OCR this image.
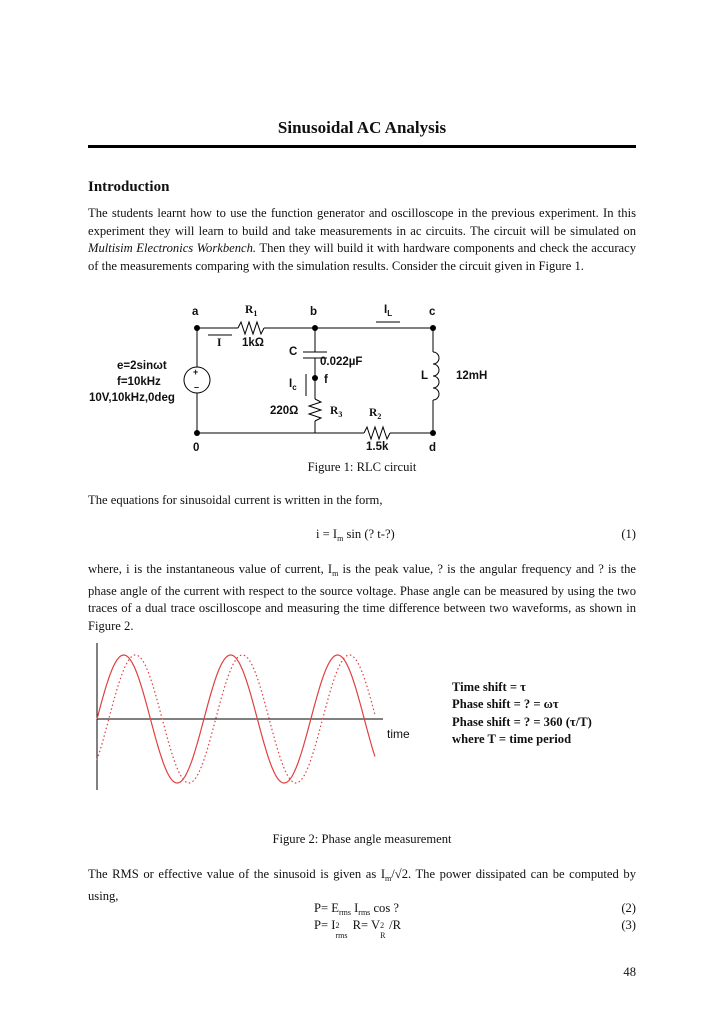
Sinusoidal AC Analysis
Introduction
The students learnt how to use the function generator and oscilloscope in the previous experiment. In this experiment they will learn to build and take measurements in ac circuits. The circuit will be simulated on Multisim Electronics Workbench. Then they will build it with hardware components and check the accuracy of the measurements comparing with the simulation results. Consider the circuit given in Figure 1.
a	b	c
0	d
$R_1$
1kΩ
I
$I_L$
C
0.022µF
f
$I_c$
220Ω	$R_3$ $R_2$
1.5k
L 12mH
e=2sinωt
f=10kHz
10V,10kHz,0deg
+
–
Figure 1: RLC circuit
The equations for sinusoidal current is written in the form,
$i = I_m$ sin (? t-?)	(1)
where, i is the instantaneous value of current, $I_m$ is the peak value, ? is the angular frequency and ? is the phase angle of the current with respect to the source voltage. Phase angle can be measured by using the two traces of a dual trace oscilloscope and measuring the time difference between two waveforms, as shown in Figure 2.
time
Time shift = τ
Phase shift = ? = ωτ
Phase shift = ? = 360 (τ/T)
where T = time period
Figure 2: Phase angle measurement
The RMS or effective value of the sinusoid is given as $I_m/√2$. The power dissipated can be computed by using,
$P= E_{rms}$ $I_{rms}$ cos ?	(2)
P= I 2
rms
R= V 2
R
/R	(3)
48
